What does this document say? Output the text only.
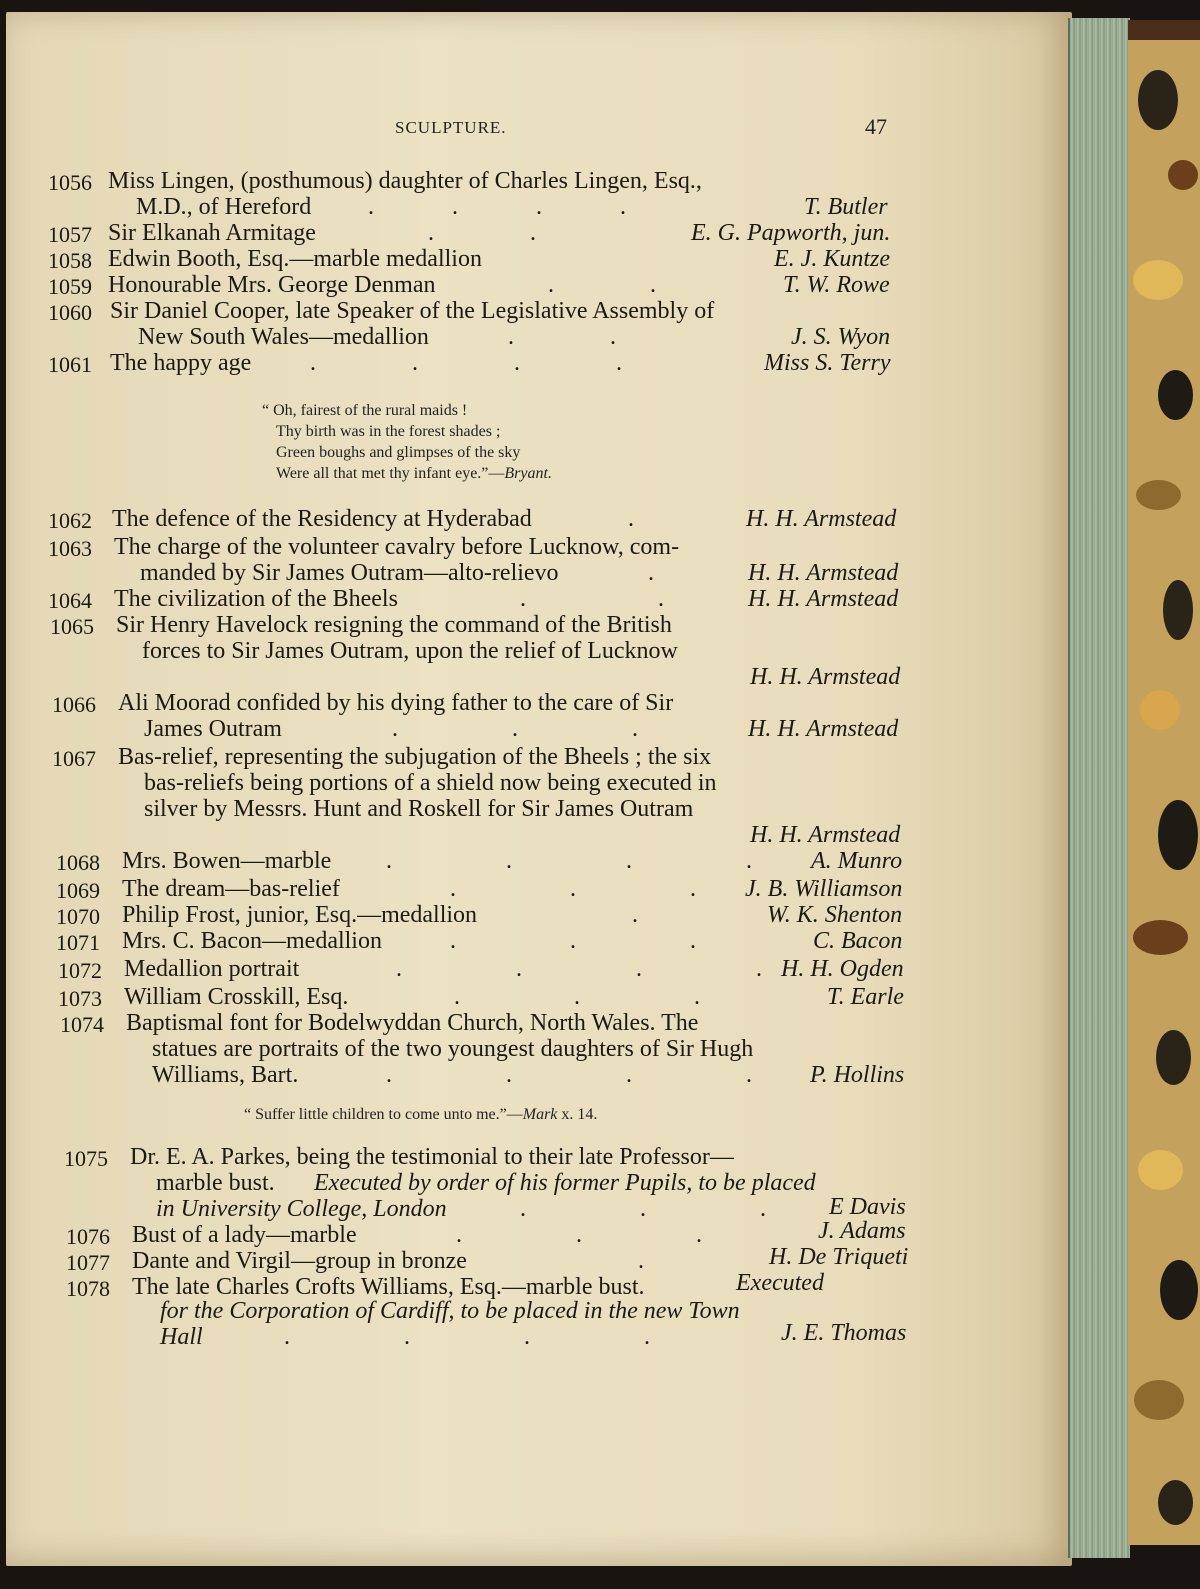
SCULPTURE.	47
1056 Miss Lingen, (posthumous) daughter of Charles Lingen, Esq.,
M.D., of Hereford .             .             .             .	T. Butler
1057 Sir Elkanah Armitage	.                .	E. G. Papworth, jun.
1058 Edwin Booth, Esq.—marble medallion	E. J. Kuntze
1059 Honourable Mrs. George Denman	.                .	T. W. Rowe
1060 Sir Daniel Cooper, late Speaker of the Legislative Assembly of
New South Wales—medallion	.                .	J. S. Wyon
1061 The happy age .                .                .                .	Miss S. Terry
“ Oh, fairest of the rural maids !
Thy birth was in the forest shades ;
Green boughs and glimpses of the sky
Were all that met thy infant eye.”—Bryant.
1062 The defence of the Residency at Hyderabad	.	H. H. Armstead
1063 The charge of the volunteer cavalry before Lucknow, com-
manded by Sir James Outram—alto-relievo	.	H. H. Armstead
1064 The civilization of the Bheels	.                      .	H. H. Armstead
1065 Sir Henry Havelock resigning the command of the British
forces to Sir James Outram, upon the relief of Lucknow
H. H. Armstead
1066 Ali Moorad confided by his dying father to the care of Sir
James Outram	.                   .                   .	H. H. Armstead
1067 Bas-relief, representing the subjugation of the Bheels ; the six
bas-reliefs being portions of a shield now being executed in
silver by Messrs. Hunt and Roskell for Sir James Outram
H. H. Armstead
1068 Mrs. Bowen—marble .                   .                   .                   . A. Munro
1069 The dream—bas-relief	.                   .                   . J. B. Williamson
1070 Philip Frost, junior, Esq.—medallion	.	W. K. Shenton
1071 Mrs. C. Bacon—medallion	.                   .                   .	C. Bacon
1072 Medallion portrait	.                   .                   .                   . H. H. Ogden
1073 William Crosskill, Esq.	.                   .                   .	T. Earle
1074 Baptismal font for Bodelwyddan Church, North Wales. The
statues are portraits of the two youngest daughters of Sir Hugh
Williams, Bart.	.                   .                   .                   . P. Hollins
“ Suffer little children to come unto me.”—Mark x. 14.
1075 Dr. E. A. Parkes, being the testimonial to their late Professor—
marble bust. Executed by order of his former Pupils, to be placed
in University College, London	.                   .                   .	E Davis
1076 Bust of a lady—marble	.                   .                   .	J. Adams
1077 Dante and Virgil—group in bronze	.	H. De Triqueti
1078 The late Charles Crofts Williams, Esq.—marble bust.	Executed
for the Corporation of Cardiff, to be placed in the new Town
Hall	.                   .                   .                   .	J. E. Thomas
